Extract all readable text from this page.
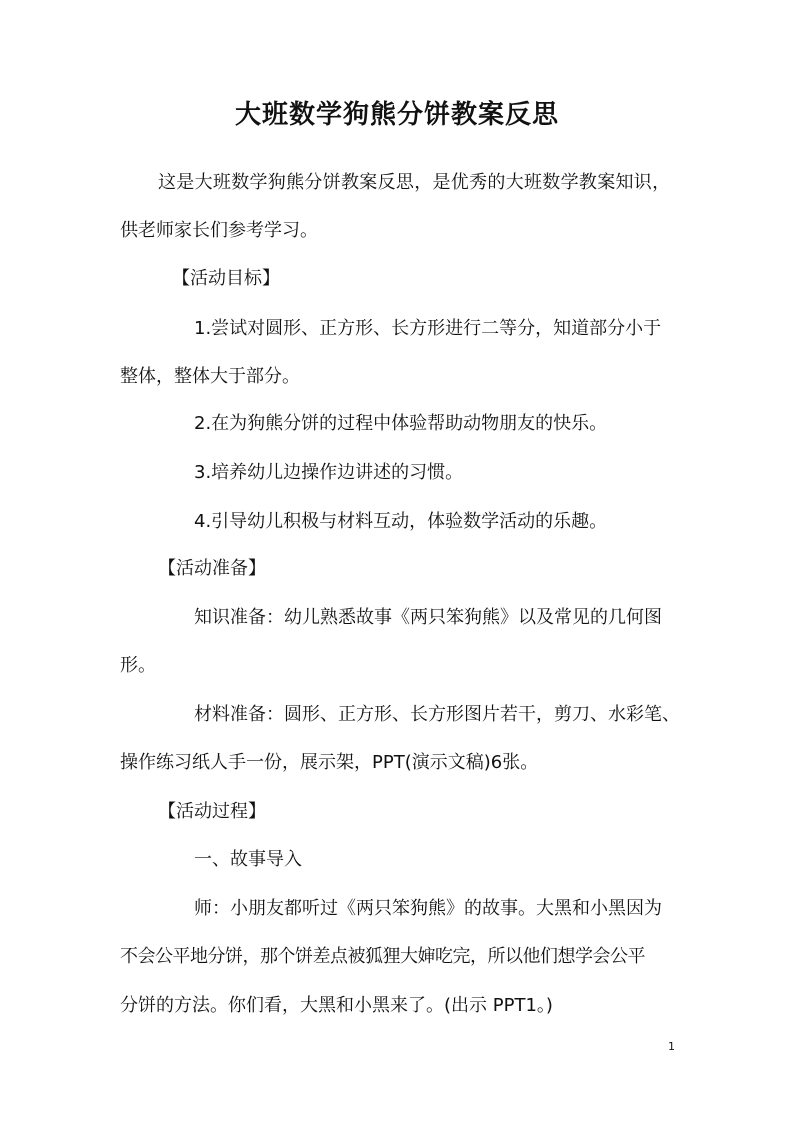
大班数学狗熊分饼教案反思
这是大班数学狗熊分饼教案反思，是优秀的大班数学教案知识，
供老师家长们参考学习。
【活动目标】
1.尝试对圆形、正方形、长方形进行二等分，知道部分小于
整体，整体大于部分。
2.在为狗熊分饼的过程中体验帮助动物朋友的快乐。
3.培养幼儿边操作边讲述的习惯。
4.引导幼儿积极与材料互动，体验数学活动的乐趣。
【活动准备】
知识准备：幼儿熟悉故事《两只笨狗熊》以及常见的几何图
形。
材料准备：圆形、正方形、长方形图片若干，剪刀、水彩笔、
操作练习纸人手一份，展示架，PPT(演示文稿)6张。
【活动过程】
一、故事导入
师：小朋友都听过《两只笨狗熊》的故事。大黑和小黑因为
不会公平地分饼，那个饼差点被狐狸大婶吃完，所以他们想学会公平
分饼的方法。你们看，大黑和小黑来了。(出示 PPT1。)
1
